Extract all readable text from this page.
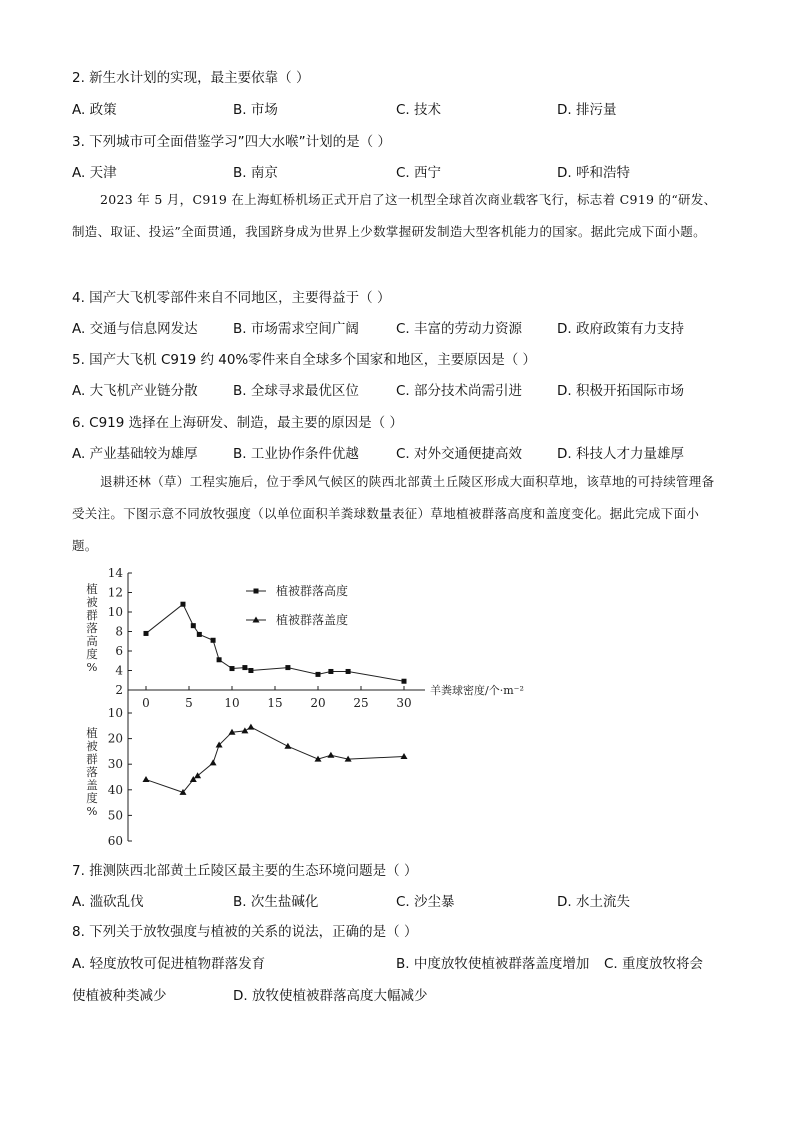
2. 新生水计划的实现，最主要依靠（ ）
A. 政策	B. 市场	C. 技术	D. 排污量
3. 下列城市可全面借鉴学习”四大水喉”计划的是（ ）
A. 天津	B. 南京	C. 西宁	D. 呼和浩特
2023 年 5 月，C919 在上海虹桥机场正式开启了这一机型全球首次商业载客飞行，标志着 C919 的“研发、制造、取证、投运”全面贯通，我国跻身成为世界上少数掌握研发制造大型客机能力的国家。据此完成下面小题。
4. 国产大飞机零部件来自不同地区，主要得益于（ ）
A. 交通与信息网发达	B. 市场需求空间广阔	C. 丰富的劳动力资源	D. 政府政策有力支持
5. 国产大飞机 C919 约 40%零件来自全球多个国家和地区，主要原因是（ ）
A. 大飞机产业链分散	B. 全球寻求最优区位	C. 部分技术尚需引进	D. 积极开拓国际市场
6. C919 选择在上海研发、制造，最主要的原因是（ ）
A. 产业基础较为雄厚	B. 工业协作条件优越	C. 对外交通便捷高效	D. 科技人才力量雄厚
退耕还林（草）工程实施后，位于季风气候区的陕西北部黄土丘陵区形成大面积草地，该草地的可持续管理备受关注。下图示意不同放牧强度（以单位面积羊粪球数量表征）草地植被群落高度和盖度变化。据此完成下面小题。
14
12
10
8
6
4
2
10
20
30
40
50
60
0	5	10 15 20 25 30
羊粪球密度/个·m⁻²
植
被
群
落
高
度
%
植
被
群
落
盖
度
%
植被群落高度
植被群落盖度
7. 推测陕西北部黄土丘陵区最主要的生态环境问题是（ ）
A. 滥砍乱伐	B. 次生盐碱化	C. 沙尘暴	D. 水土流失
8. 下列关于放牧强度与植被的关系的说法，正确的是（ ）
A. 轻度放牧可促进植物群落发育	B. 中度放牧使植被群落盖度增加 C. 重度放牧将会
使植被种类减少	D. 放牧使植被群落高度大幅减少
